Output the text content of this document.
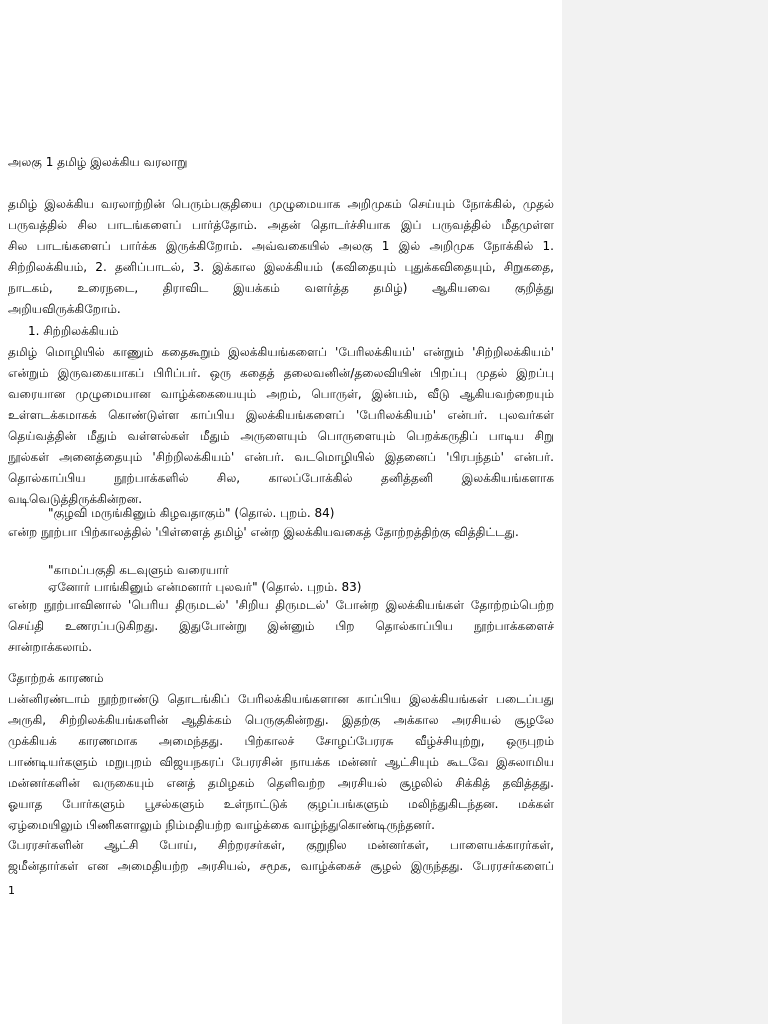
அலகு 1 தமிழ் இலக்கிய வரலாறு
தமிழ் இலக்கிய வரலாற்றின் பெரும்பகுதியை முழுமையாக அறிமுகம் செய்யும் நோக்கில், முதல்
பருவத்தில் சில பாடங்களைப் பார்த்தோம். அதன் தொடர்ச்சியாக இப் பருவத்தில் மீதமுள்ள
சில பாடங்களைப் பார்க்க இருக்கிறோம். அவ்வகையில் அலகு 1 இல் அறிமுக நோக்கில் 1.
சிற்றிலக்கியம், 2. தனிப்பாடல், 3. இக்கால இலக்கியம் (கவிதையும் புதுக்கவிதையும், சிறுகதை,
நாடகம், உரைநடை, திராவிட இயக்கம் வளர்த்த தமிழ்) ஆகியவை குறித்து
அறியவிருக்கிறோம்.
1. சிற்றிலக்கியம்
தமிழ் மொழியில் காணும் கதைகூறும் இலக்கியங்களைப் 'பேரிலக்கியம்' என்றும் 'சிற்றிலக்கியம்'
என்றும் இருவகையாகப் பிரிப்பர். ஒரு கதைத் தலைவனின்/தலைவியின் பிறப்பு முதல் இறப்பு
வரையான முழுமையான வாழ்க்கையையும் அறம், பொருள், இன்பம், வீடு ஆகியவற்றையும்
உள்ளடக்கமாகக் கொண்டுள்ள காப்பிய இலக்கியங்களைப் 'பேரிலக்கியம்' என்பர். புலவர்கள்
தெய்வத்தின் மீதும் வள்ளல்கள் மீதும் அருளையும் பொருளையும் பெறக்கருதிப் பாடிய சிறு
நூல்கள் அனைத்தையும் 'சிற்றிலக்கியம்' என்பர். வடமொழியில் இதனைப் 'பிரபந்தம்' என்பர்.
தொல்காப்பிய நூற்பாக்களில் சில, காலப்போக்கில் தனித்தனி இலக்கியங்களாக
வடிவெடுத்திருக்கின்றன.
"குழவி மருங்கினும் கிழவதாகும்" (தொல். புறம். 84)
என்ற நூற்பா பிற்காலத்தில் 'பிள்ளைத் தமிழ்' என்ற இலக்கியவகைத் தோற்றத்திற்கு வித்திட்டது.
"காமப்பகுதி கடவுளும் வரையார்
ஏனோர் பாங்கினும் என்மனார் புலவர்" (தொல். புறம். 83)
என்ற நூற்பாவினால் 'பெரிய திருமடல்' 'சிறிய திருமடல்' போன்ற இலக்கியங்கள் தோற்றம்பெற்ற
செய்தி உணரப்படுகிறது. இதுபோன்று இன்னும் பிற தொல்காப்பிய நூற்பாக்களைச்
சான்றாக்கலாம்.
தோற்றக் காரணம்
பன்னிரண்டாம் நூற்றாண்டு தொடங்கிப் பேரிலக்கியங்களான காப்பிய இலக்கியங்கள் படைப்பது
அருகி, சிற்றிலக்கியங்களின் ஆதிக்கம் பெருகுகின்றது. இதற்கு அக்கால அரசியல் சூழலே
முக்கியக் காரணமாக அமைந்தது. பிற்காலச் சோழப்பேரரசு வீழ்ச்சியுற்று, ஒருபுறம்
பாண்டியர்களும் மறுபுறம் விஜயநகரப் பேரரசின் நாயக்க மன்னர் ஆட்சியும் கூடவே இசுலாமிய
மன்னர்களின் வருகையும் எனத் தமிழகம் தெளிவற்ற அரசியல் சூழலில் சிக்கித் தவித்தது.
ஓயாத போர்களும் பூசல்களும் உள்நாட்டுக் குழப்பங்களும் மலிந்துகிடந்தன. மக்கள்
ஏழ்மையிலும் பிணிகளாலும் நிம்மதியற்ற வாழ்க்கை வாழ்ந்துகொண்டிருந்தனர்.
பேரரசர்களின் ஆட்சி போய், சிற்றரசர்கள், குறுநில மன்னர்கள், பாளையக்காரர்கள்,
ஜமீன்தார்கள் என அமைதியற்ற அரசியல், சமூக, வாழ்க்கைச் சூழல் இருந்தது. பேரரசர்களைப்
1
